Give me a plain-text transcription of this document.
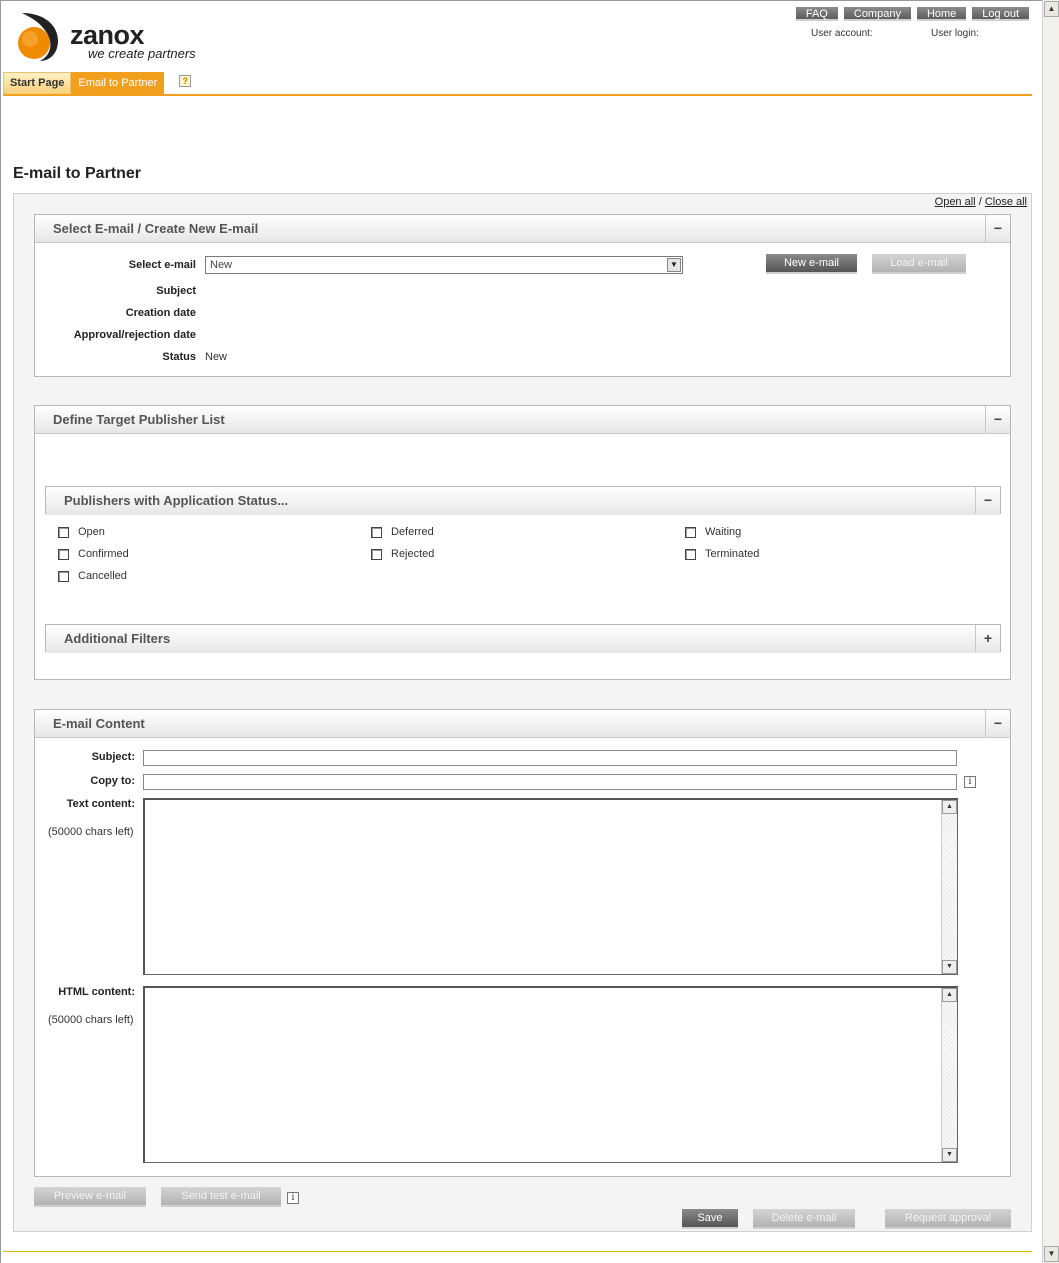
zanox
we create partners
FAQ	Company	Home	Log out
User account:	User login:
Start Page	Email to Partner	?
E-mail to Partner
Open all / Close all
Select E-mail / Create New E-mail	−
Select e-mail	New	▼	New e-mail	Load e-mail
Subject
Creation date
Approval/rejection date
Status New
Define Target Publisher List	−
Publishers with Application Status...	−
Open	Deferred	Waiting
Confirmed	Rejected	Terminated
Cancelled
Additional Filters	+
E-mail Content	−
Subject:
Copy to:	i
Text content:
(50000 chars left)
▲
▼
HTML content:
(50000 chars left)
▲
▼
Preview e-mail	Send test e-mail	i
Save	Delete e-mail	Request approval
▲
▼
